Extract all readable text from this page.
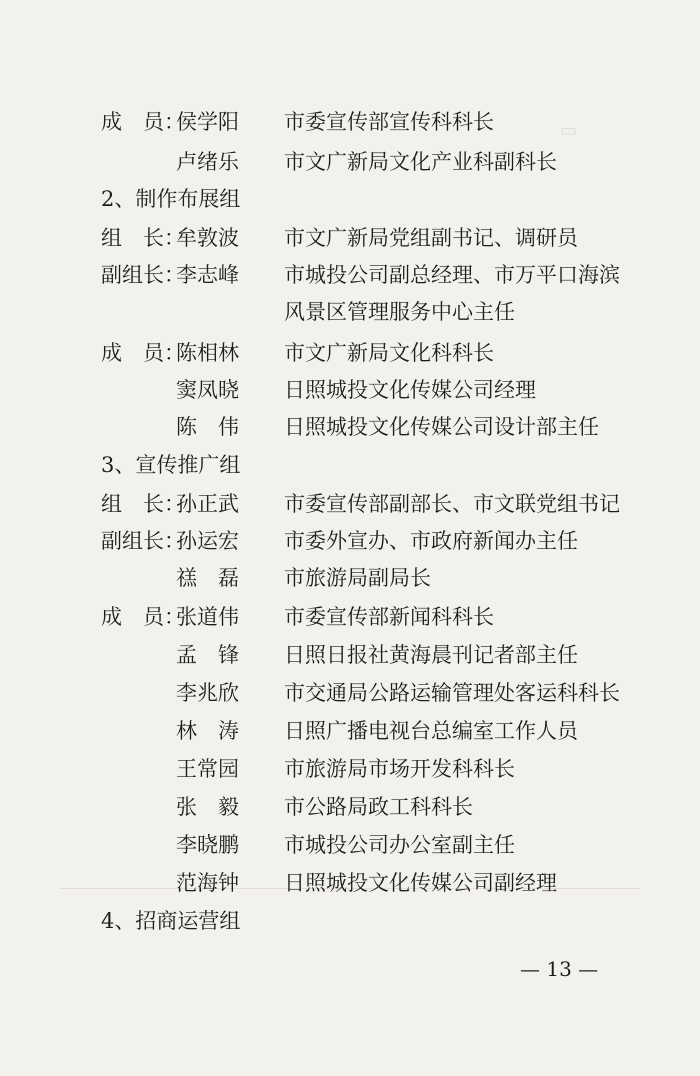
▭
成　员：
侯学阳 市委宣传部宣传科科长
卢绪乐 市文广新局文化产业科副科长
2、制作布展组
组　长：
牟敦波 市文广新局党组副书记、调研员
副组长：
李志峰 市城投公司副总经理、市万平口海滨
风景区管理服务中心主任
成　员：
陈相林 市文广新局文化科科长
窦凤晓 日照城投文化传媒公司经理
陈　伟 日照城投文化传媒公司设计部主任
3、宣传推广组
组　长：
孙正武 市委宣传部副部长、市文联党组书记
副组长：
孙运宏 市委外宣办、市政府新闻办主任
禚　磊 市旅游局副局长
成　员：
张道伟 市委宣传部新闻科科长
孟　锋 日照日报社黄海晨刊记者部主任
李兆欣 市交通局公路运输管理处客运科科长
林　涛 日照广播电视台总编室工作人员
王常园 市旅游局市场开发科科长
张　毅 市公路局政工科科长
李晓鹏 市城投公司办公室副主任
范海钟 日照城投文化传媒公司副经理
4、招商运营组
— 13 —
